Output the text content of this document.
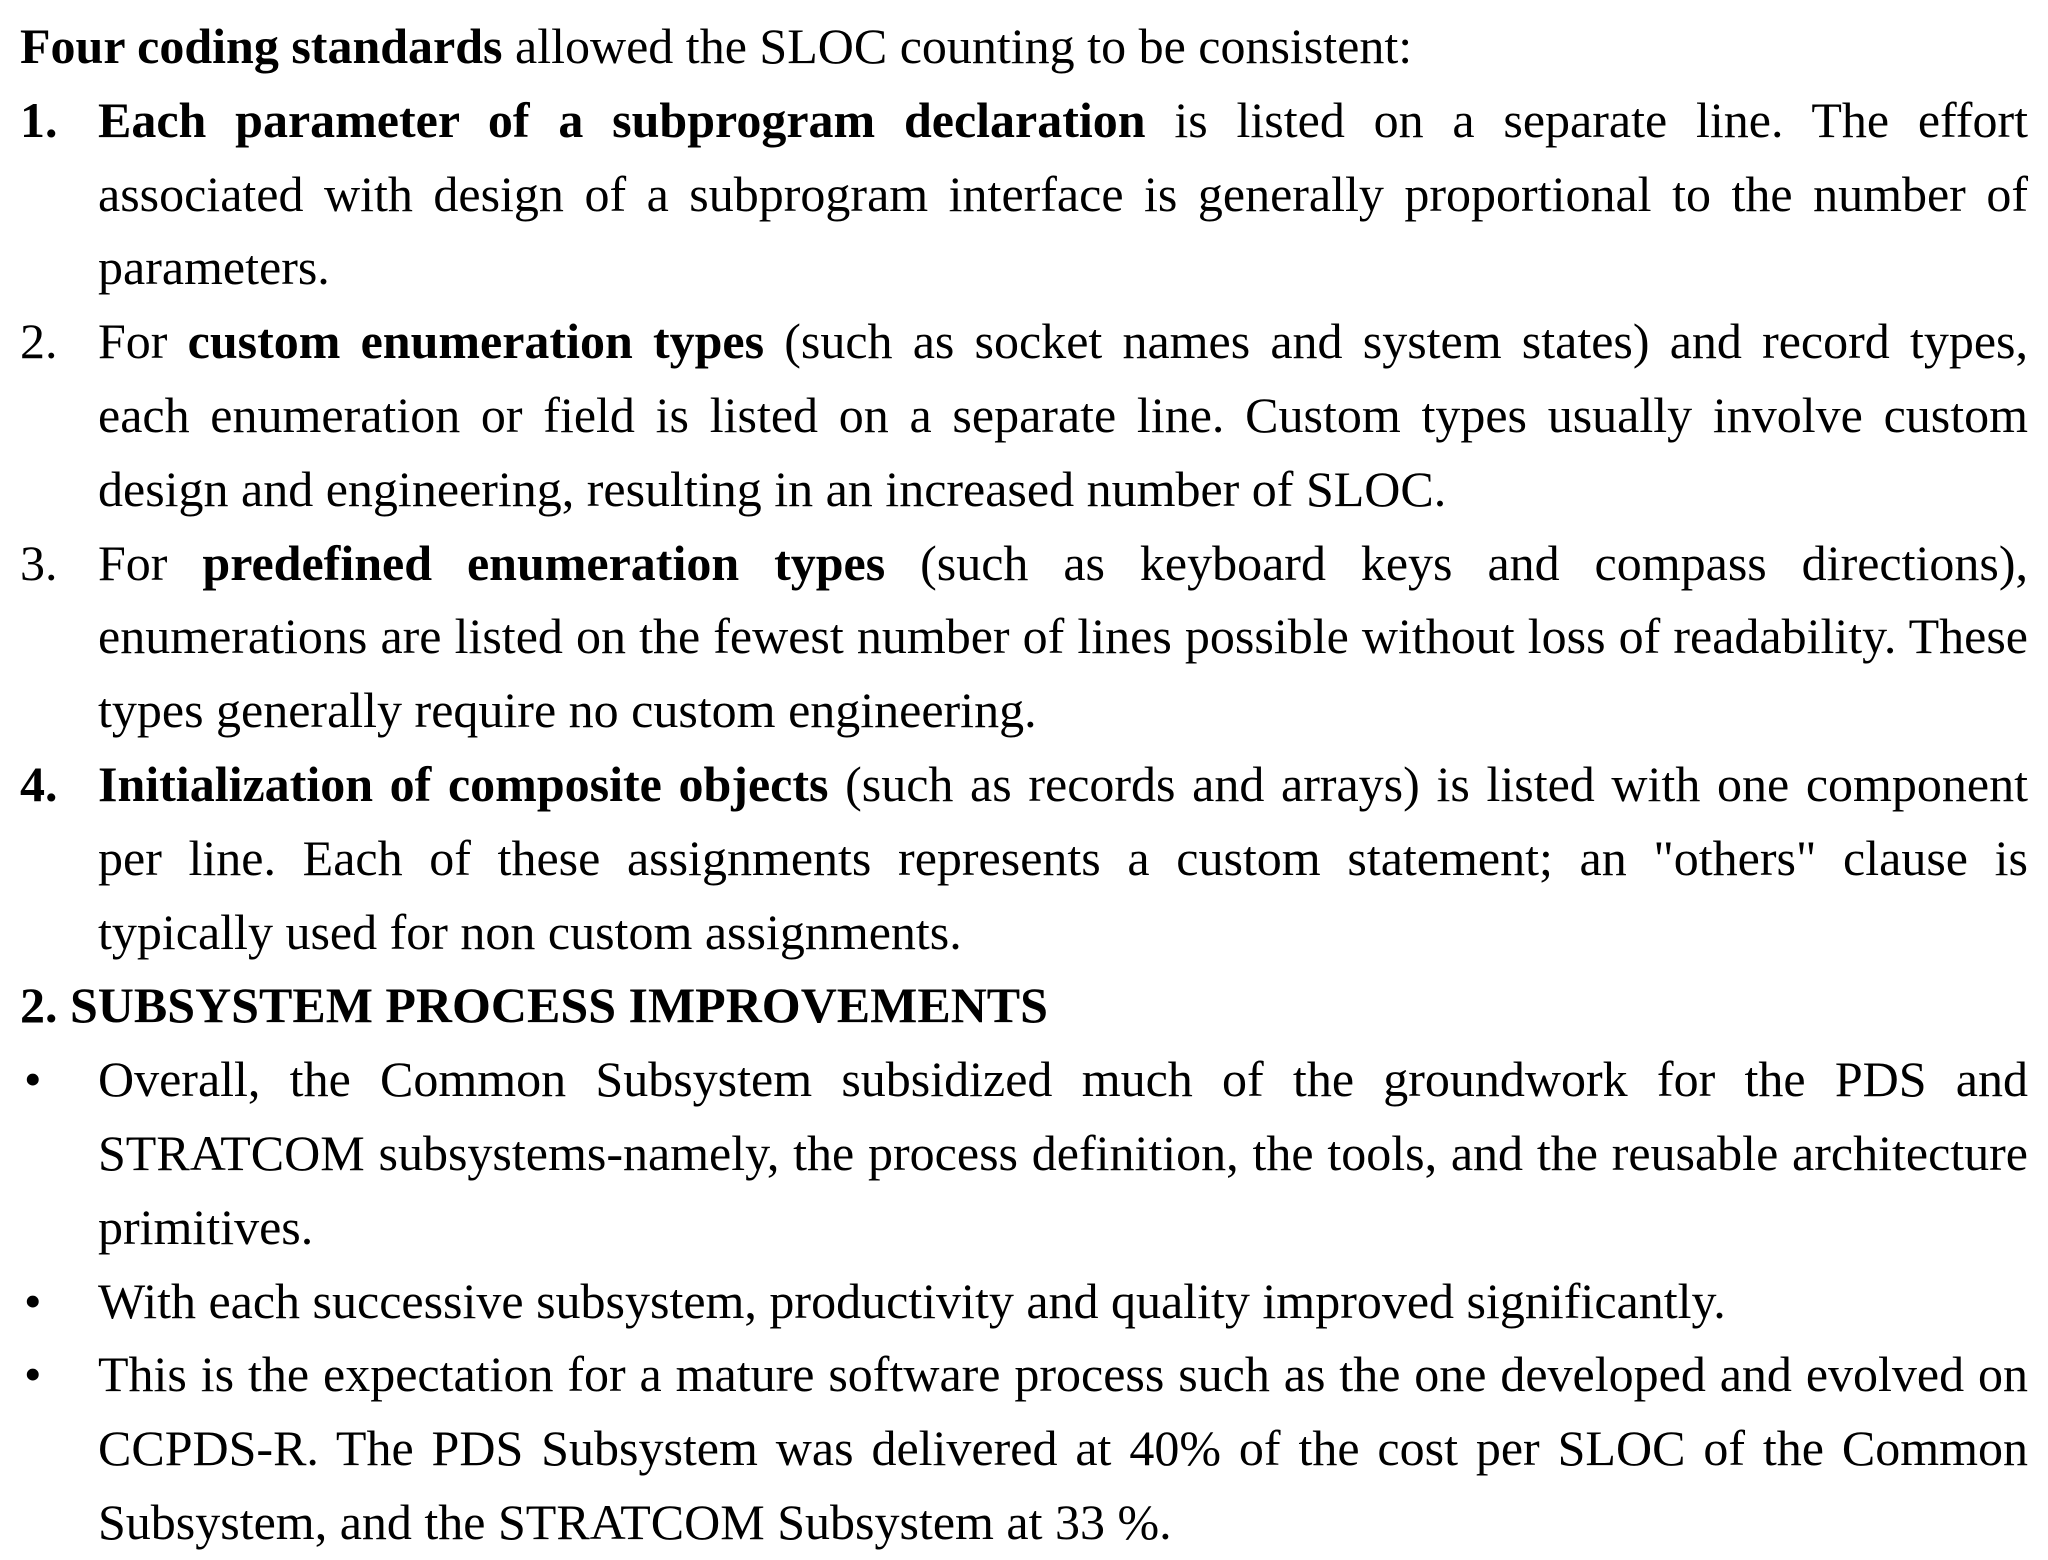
Four coding standards allowed the SLOC counting to be consistent:

1. Each parameter of a subprogram declaration is listed on a separate line. The effort associated with design of a subprogram interface is generally proportional to the number of parameters.
2. For custom enumeration types (such as socket names and system states) and record types, each enumeration or field is listed on a separate line. Custom types usually involve custom design and engineering, resulting in an increased number of SLOC.
3. For predefined enumeration types (such as keyboard keys and compass directions), enumerations are listed on the fewest number of lines possible without loss of readability. These types generally require no custom engineering.
4. Initialization of composite objects (such as records and arrays) is listed with one component per line. Each of these assignments represents a custom statement; an "others" clause is typically used for non custom assignments.
2. SUBSYSTEM PROCESS IMPROVEMENTS
• Overall, the Common Subsystem subsidized much of the groundwork for the PDS and STRATCOM subsystems-namely, the process definition, the tools, and the reusable architecture primitives.
• With each successive subsystem, productivity and quality improved significantly.
• This is the expectation for a mature software process such as the one developed and evolved on CCPDS-R. The PDS Subsystem was delivered at 40% of the cost per SLOC of the Common Subsystem, and the STRATCOM Subsystem at 33 %.
